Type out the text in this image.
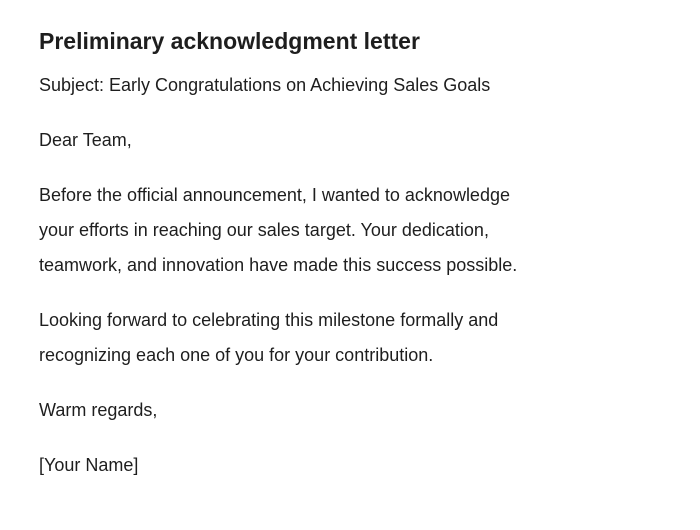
Preliminary acknowledgment letter

Subject: Early Congratulations on Achieving Sales Goals

Dear Team,

Before the official announcement, I wanted to acknowledge
your efforts in reaching our sales target. Your dedication,
teamwork, and innovation have made this success possible.

Looking forward to celebrating this milestone formally and
recognizing each one of you for your contribution.

Warm regards,

[Your Name]
